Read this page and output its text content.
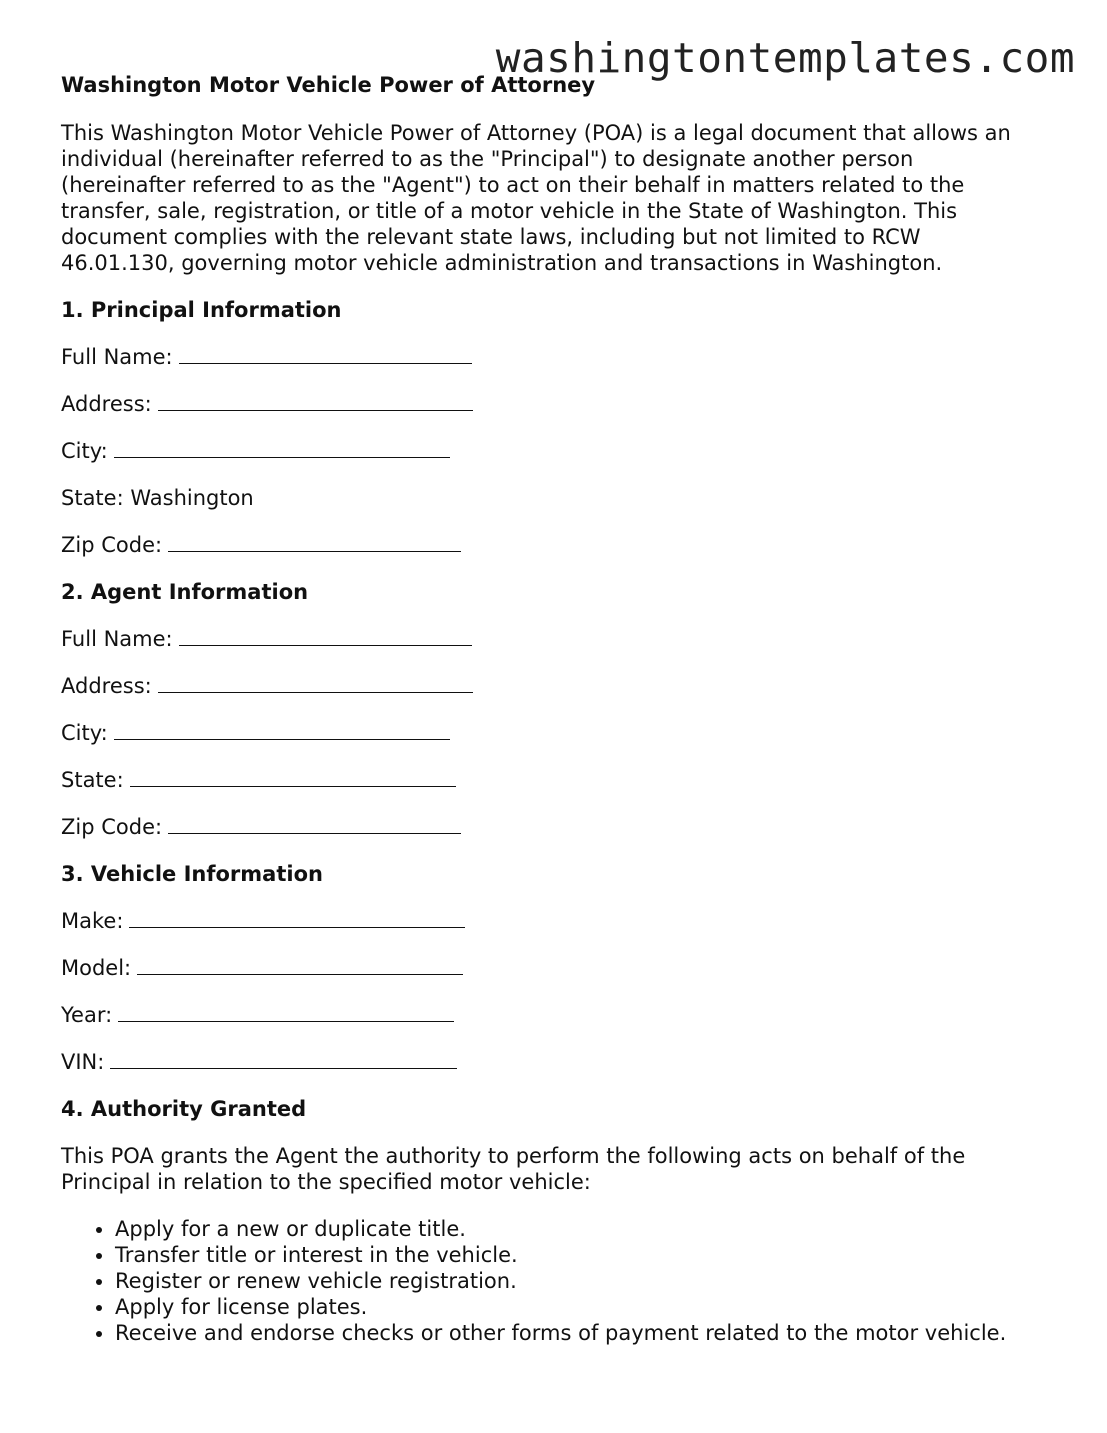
washingtontemplates.com
Washington Motor Vehicle Power of Attorney
This Washington Motor Vehicle Power of Attorney (POA) is a legal document that allows an
individual (hereinafter referred to as the "Principal") to designate another person
(hereinafter referred to as the "Agent") to act on their behalf in matters related to the
transfer, sale, registration, or title of a motor vehicle in the State of Washington. This
document complies with the relevant state laws, including but not limited to RCW
46.01.130, governing motor vehicle administration and transactions in Washington.
1. Principal Information
Full Name:
Address:
City:
State: Washington
Zip Code:
2. Agent Information
Full Name:
Address:
City:
State:
Zip Code:
3. Vehicle Information
Make:
Model:
Year:
VIN:
4. Authority Granted
This POA grants the Agent the authority to perform the following acts on behalf of the
Principal in relation to the specified motor vehicle:
• Apply for a new or duplicate title.
• Transfer title or interest in the vehicle.
• Register or renew vehicle registration.
• Apply for license plates.
• Receive and endorse checks or other forms of payment related to the motor vehicle.
